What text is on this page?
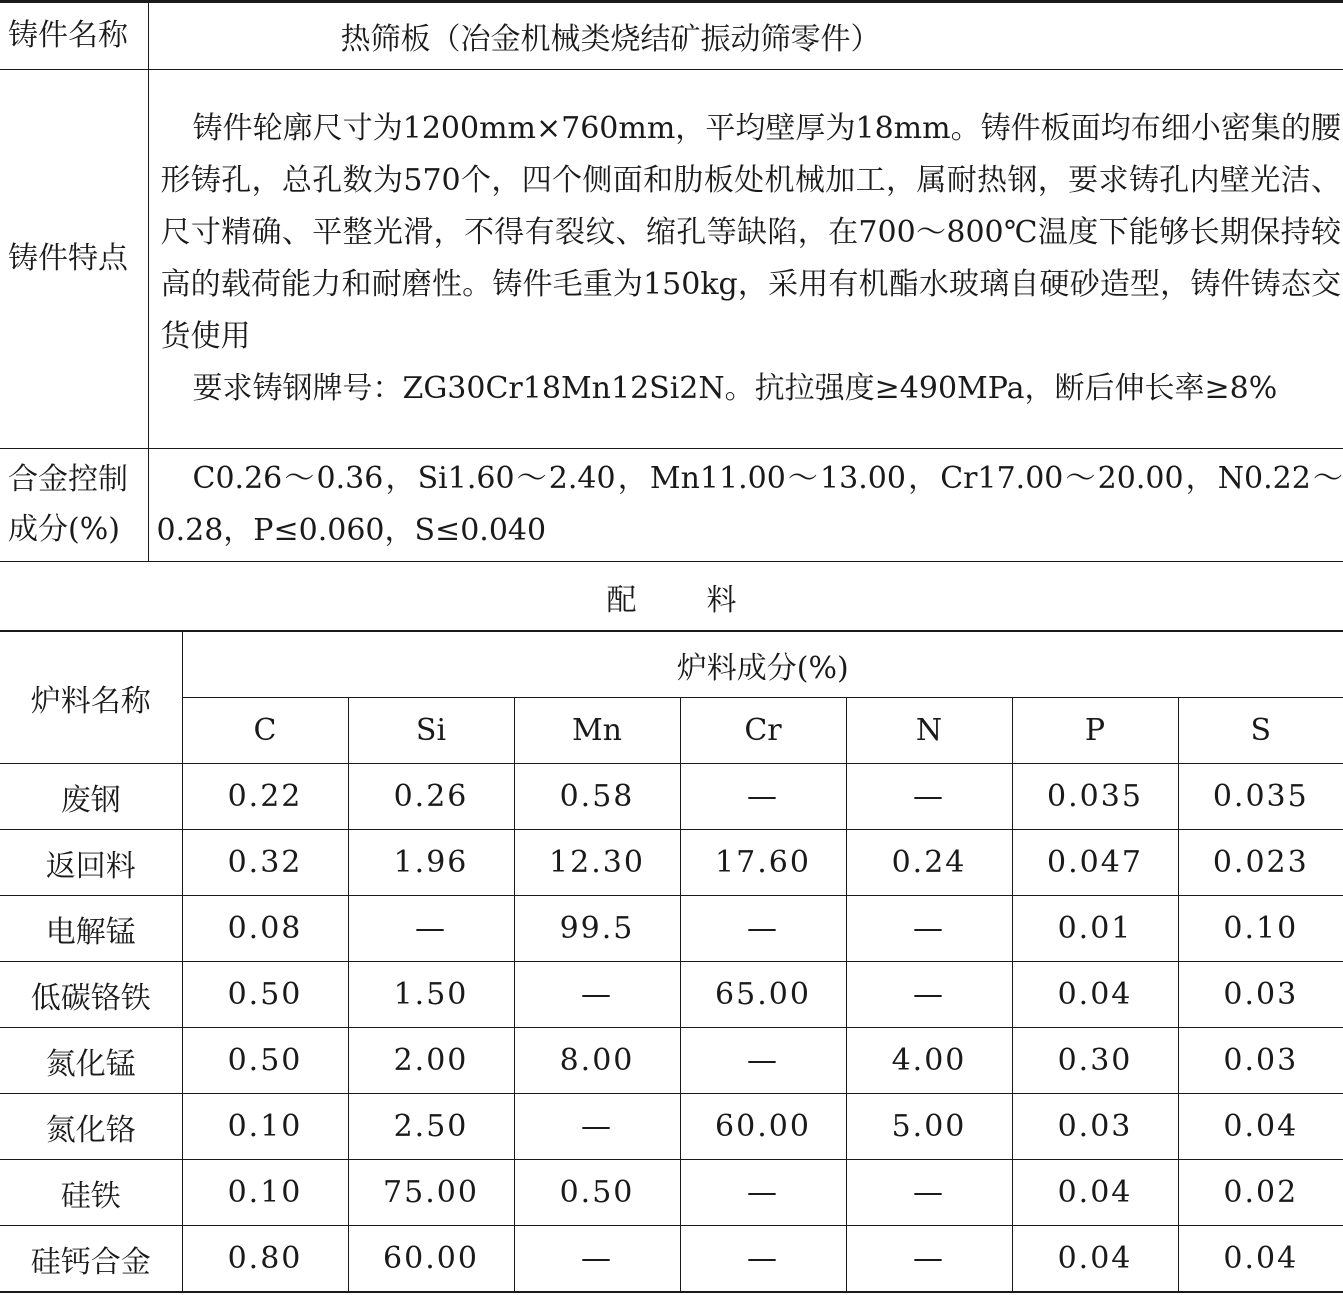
铸件名称	热筛板（冶金机械类烧结矿振动筛零件）
铸件特点	铸件轮廓尺寸为1200mm×760mm，平均壁厚为18mm。铸件板面均布细小密集的腰形铸孔，总孔数为570个，四个侧面和肋板处机械加工，属耐热钢，要求铸孔内壁光洁、尺寸精确、平整光滑，不得有裂纹、缩孔等缺陷，在700～800℃温度下能够长期保持较高的载荷能力和耐磨性。铸件毛重为150kg，采用有机酯水玻璃自硬砂造型，铸件铸态交货使用

要求铸钢牌号：ZG30Cr18Mn12Si2N。抗拉强度≥490MPa，断后伸长率≥8%

合金控制
成分(%)	C0.26～0.36，Si1.60～2.40，Mn11.00～13.00，Cr17.00～20.00，N0.22～0.28，P≤0.060，S≤0.040
配料
炉料名称	炉料成分(%)						
	C	Si	Mn	Cr	N	P	S
废钢	0.22	0.26	0.58	—	—	0.035	0.035
返回料	0.32	1.96	12.30	17.60	0.24	0.047	0.023
电解锰	0.08	—	99.5	—	—	0.01	0.10
低碳铬铁	0.50	1.50	—	65.00	—	0.04	0.03
氮化锰	0.50	2.00	8.00	—	4.00	0.30	0.03
氮化铬	0.10	2.50	—	60.00	5.00	0.03	0.04
硅铁	0.10	75.00	0.50	—	—	0.04	0.02
硅钙合金	0.80	60.00	—	—	—	0.04	0.04
